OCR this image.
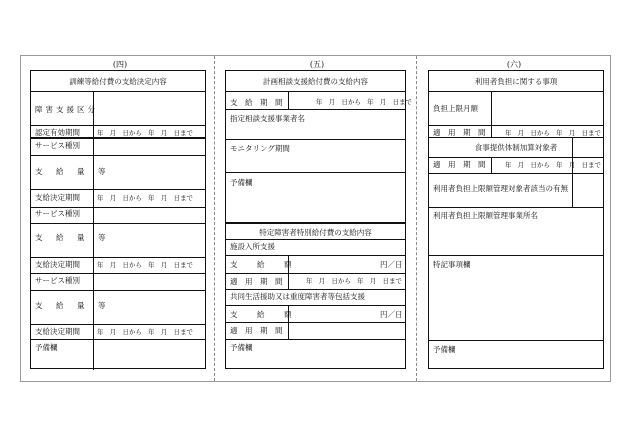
(四)	(五)	(六)
訓練等給付費の支給決定内容
障害支援区分
認定有効期間	年　月　日から　年　月　日まで
サービス種別
支　給　量　等
支給決定期間	年　月　日から　年　月　日まで
サービス種別
支　給　量　等
支給決定期間	年　月　日から　年　月　日まで
サービス種別
支　給　量　等
支給決定期間	年　月　日から　年　月　日まで
予備欄
計画相談支援給付費の支給内容
支　給　期　間	年　月　日から　年　月　日まで
指定相談支援事業者名
モニタリング期間
予備欄
特定障害者特別給付費の支給内容
施設入所支援
支　給　額	円／日
適　用　期　間	年　月　日から　年　月　日まで
共同生活援助又は重度障害者等包括支援
支　給　額	円／日
適　用　期　間
予備欄
利用者負担に関する事項
負担上限月額
適　用　期　間	年　月　日から　年　月　日まで
食事提供体制加算対象者
適　用　期　間	年　月　日から　年　月　日まで
利用者負担上限額管理対象者該当の有無
利用者負担上限額管理事業所名
特記事項欄
予備欄
